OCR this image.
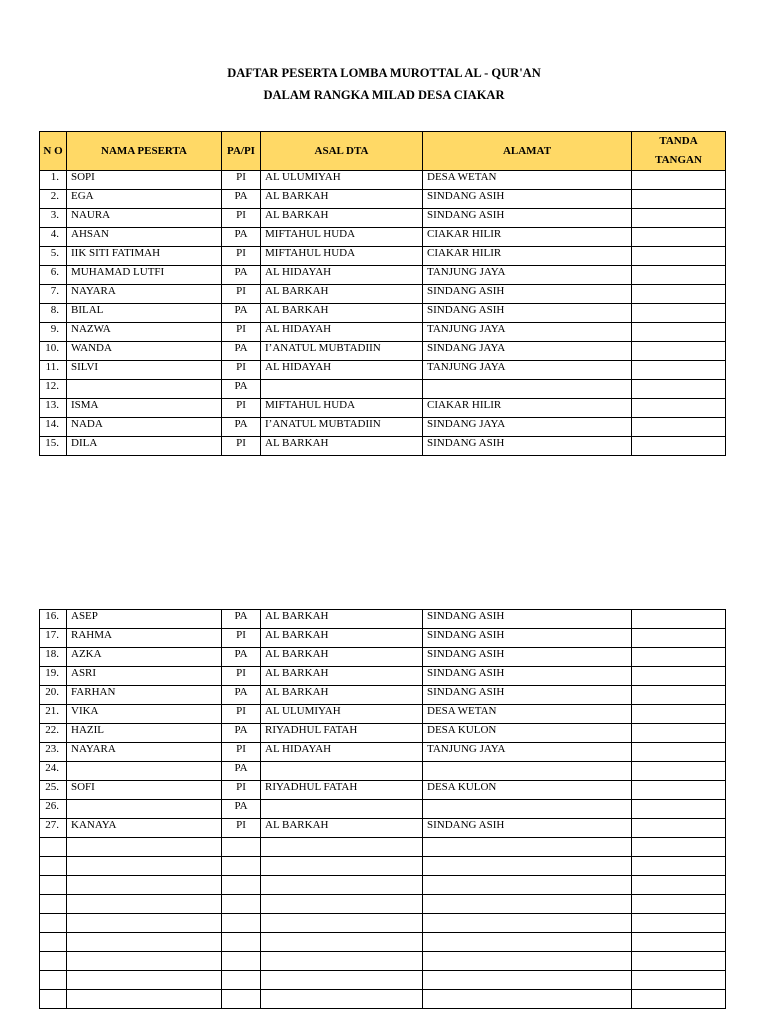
DAFTAR PESERTA LOMBA MUROTTAL AL - QUR'AN
DALAM RANGKA MILAD DESA CIAKAR
N O	NAMA PESERTA	PA/PI	ASAL DTA	ALAMAT	TANDA TANGAN
1.	SOPI	PI	AL ULUMIYAH	DESA WETAN	
2.	EGA	PA	AL BARKAH	SINDANG ASIH	
3.	NAURA	PI	AL BARKAH	SINDANG ASIH	
4.	AHSAN	PA	MIFTAHUL HUDA	CIAKAR HILIR	
5.	IIK SITI FATIMAH	PI	MIFTAHUL HUDA	CIAKAR HILIR	
6.	MUHAMAD LUTFI	PA	AL HIDAYAH	TANJUNG JAYA	
7.	NAYARA	PI	AL BARKAH	SINDANG ASIH	
8.	BILAL	PA	AL BARKAH	SINDANG ASIH	
9.	NAZWA	PI	AL HIDAYAH	TANJUNG JAYA	
10.	WANDA	PA	I’ANATUL MUBTADIIN	SINDANG JAYA	
11.	SILVI	PI	AL HIDAYAH	TANJUNG JAYA	
12.		PA			
13.	ISMA	PI	MIFTAHUL HUDA	CIAKAR HILIR	
14.	NADA	PA	I’ANATUL MUBTADIIN	SINDANG JAYA	
15.	DILA	PI	AL BARKAH	SINDANG ASIH	
16.	ASEP	PA	AL BARKAH	SINDANG ASIH	
17.	RAHMA	PI	AL BARKAH	SINDANG ASIH	
18.	AZKA	PA	AL BARKAH	SINDANG ASIH	
19.	ASRI	PI	AL BARKAH	SINDANG ASIH	
20.	FARHAN	PA	AL BARKAH	SINDANG ASIH	
21.	VIKA	PI	AL ULUMIYAH	DESA WETAN	
22.	HAZIL	PA	RIYADHUL FATAH	DESA KULON	
23.	NAYARA	PI	AL HIDAYAH	TANJUNG JAYA	
24.		PA			
25.	SOFI	PI	RIYADHUL FATAH	DESA KULON	
26.		PA			
27.	KANAYA	PI	AL BARKAH	SINDANG ASIH	
